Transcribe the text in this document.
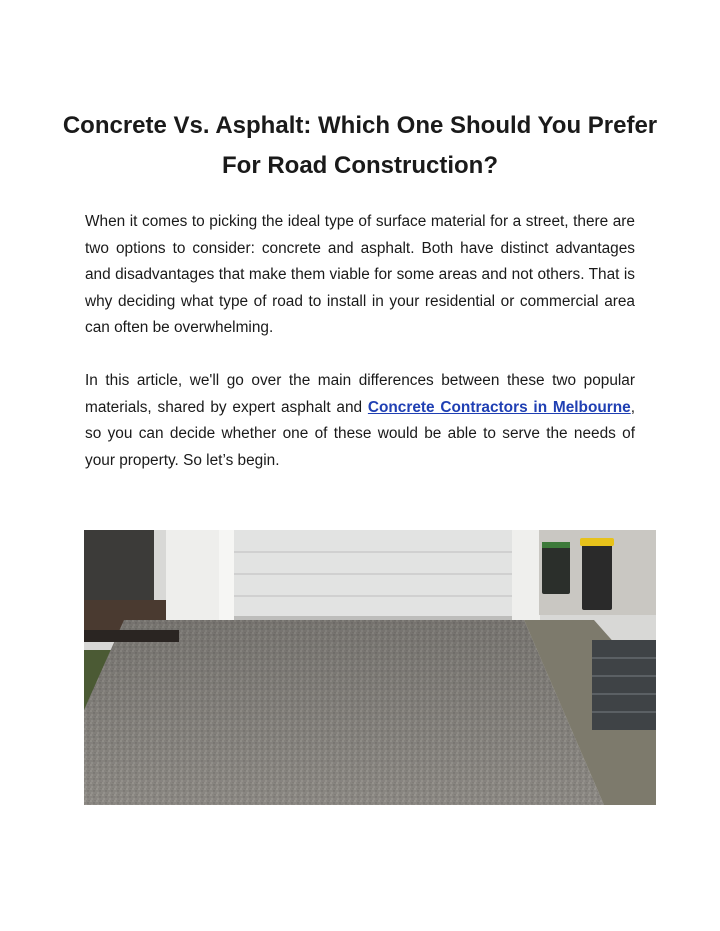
Concrete Vs. Asphalt: Which One Should You Prefer For Road Construction?

When it comes to picking the ideal type of surface material for a street, there are two options to consider: concrete and asphalt. Both have distinct advantages and disadvantages that make them viable for some areas and not others. That is why deciding what type of road to install in your residential or commercial area can often be overwhelming.

In this article, we'll go over the main differences between these two popular materials, shared by expert asphalt and Concrete Contractors in Melbourne, so you can decide whether one of these would be able to serve the needs of your property. So let’s begin.
